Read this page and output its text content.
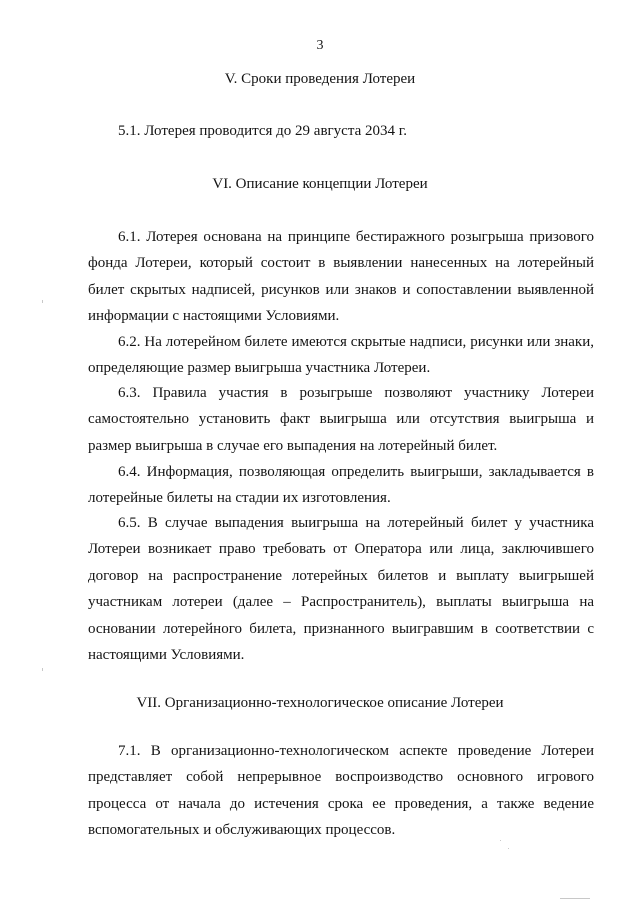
3
V. Сроки проведения Лотереи
5.1. Лотерея проводится до 29 августа 2034 г.
VI. Описание концепции Лотереи

6.1. Лотерея основана на принципе бестиражного розыгрыша призового фонда Лотереи, который состоит в выявлении нанесенных на лотерейный билет скрытых надписей, рисунков или знаков и сопоставлении выявленной информации с настоящими Условиями.

6.2. На лотерейном билете имеются скрытые надписи, рисунки или знаки, определяющие размер выигрыша участника Лотереи.

6.3. Правила участия в розыгрыше позволяют участнику Лотереи самостоятельно установить факт выигрыша или отсутствия выигрыша и размер выигрыша в случае его выпадения на лотерейный билет.

6.4. Информация, позволяющая определить выигрыши, закладывается в лотерейные билеты на стадии их изготовления.

6.5. В случае выпадения выигрыша на лотерейный билет у участника Лотереи возникает право требовать от Оператора или лица, заключившего договор на распространение лотерейных билетов и выплату выигрышей участникам лотереи (далее – Распространитель), выплаты выигрыша на основании лотерейного билета, признанного выигравшим в соответствии с настоящими Условиями.

VII. Организационно-технологическое описание Лотереи

7.1. В организационно-технологическом аспекте проведение Лотереи представляет собой непрерывное воспроизводство основного игрового процесса от начала до истечения срока ее проведения, а также ведение вспомогательных и обслуживающих процессов.
